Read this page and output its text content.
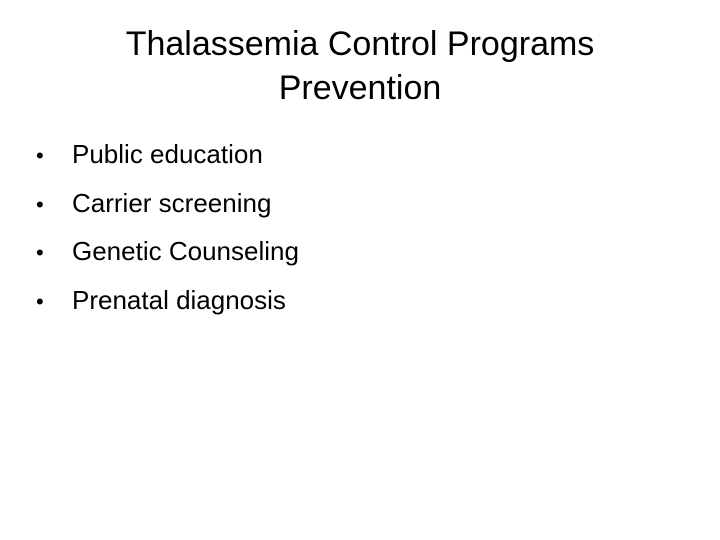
Thalassemia Control Programs
Prevention
•	Public education
•	Carrier screening
•	Genetic Counseling
•	Prenatal diagnosis
